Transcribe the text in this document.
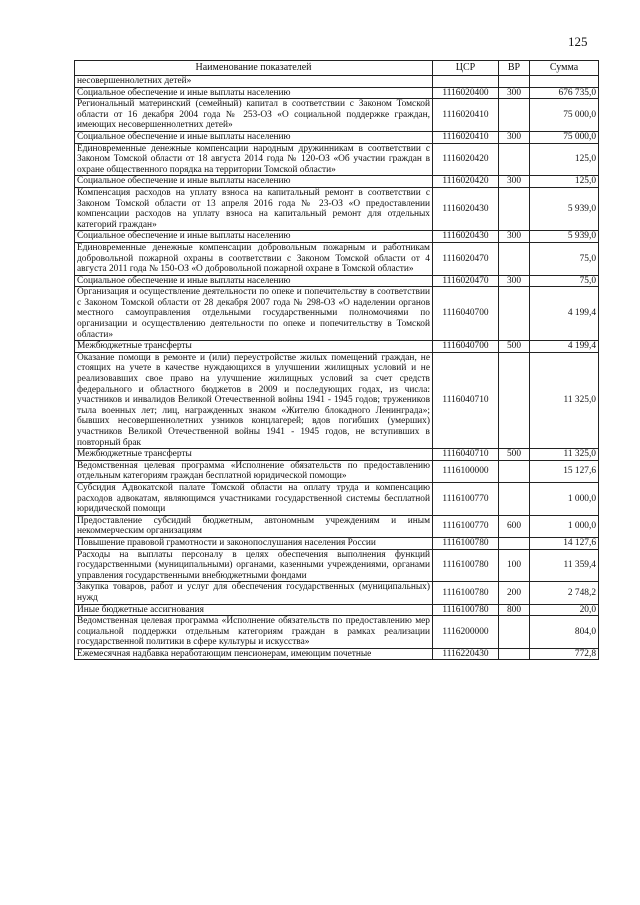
125
Наименование показателей	ЦСР	ВР	Сумма
несовершеннолетних детей»			
Социальное обеспечение и иные выплаты населению	1116020400	300	676 735,0
Региональный материнский (семейный) капитал в соответствии с Законом Томской области от 16 декабря 2004 года № 253-ОЗ «О социальной поддержке граждан, имеющих несовершеннолетних детей»	1116020410		75 000,0
Социальное обеспечение и иные выплаты населению	1116020410	300	75 000,0
Единовременные денежные компенсации народным дружинникам в соответствии с Законом Томской области от 18 августа 2014 года № 120-ОЗ «Об участии граждан в охране общественного порядка на территории Томской области»	1116020420		125,0
Социальное обеспечение и иные выплаты населению	1116020420	300	125,0
Компенсация расходов на уплату взноса на капитальный ремонт в соответствии с Законом Томской области от 13 апреля 2016 года № 23-ОЗ «О предоставлении компенсации расходов на уплату взноса на капитальный ремонт для отдельных категорий граждан»	1116020430		5 939,0
Социальное обеспечение и иные выплаты населению	1116020430	300	5 939,0
Единовременные денежные компенсации добровольным пожарным и работникам добровольной пожарной охраны в соответствии с Законом Томской области от 4 августа 2011 года № 150-ОЗ «О добровольной пожарной охране в Томской области»	1116020470		75,0
Социальное обеспечение и иные выплаты населению	1116020470	300	75,0
Организация и осуществление деятельности по опеке и попечительству в соответствии с Законом Томской области от 28 декабря 2007 года № 298-ОЗ «О наделении органов местного самоуправления отдельными государственными полномочиями по организации и осуществлению деятельности по опеке и попечительству в Томской области»	1116040700		4 199,4
Межбюджетные трансферты	1116040700	500	4 199,4
Оказание помощи в ремонте и (или) переустройстве жилых помещений граждан, не стоящих на учете в качестве нуждающихся в улучшении жилищных условий и не реализовавших свое право на улучшение жилищных условий за счет средств федерального и областного бюджетов в 2009 и последующих годах, из числа: участников и инвалидов Великой Отечественной войны 1941 - 1945 годов; тружеников тыла военных лет; лиц, награжденных знаком «Жителю блокадного Ленинграда»; бывших несовершеннолетних узников концлагерей; вдов погибших (умерших) участников Великой Отечественной войны 1941 - 1945 годов, не вступивших в повторный брак	1116040710		11 325,0
Межбюджетные трансферты	1116040710	500	11 325,0
Ведомственная целевая программа «Исполнение обязательств по предоставлению отдельным категориям граждан бесплатной юридической помощи»	1116100000		15 127,6
Субсидия Адвокатской палате Томской области на оплату труда и компенсацию расходов адвокатам, являющимся участниками государственной системы бесплатной юридической помощи	1116100770		1 000,0
Предоставление субсидий бюджетным, автономным учреждениям и иным некоммерческим организациям	1116100770	600	1 000,0
Повышение правовой грамотности и законопослушания населения России	1116100780		14 127,6
Расходы на выплаты персоналу в целях обеспечения выполнения функций государственными (муниципальными) органами, казенными учреждениями, органами управления государственными внебюджетными фондами	1116100780	100	11 359,4
Закупка товаров, работ и услуг для обеспечения государственных (муниципальных) нужд	1116100780	200	2 748,2
Иные бюджетные ассигнования	1116100780	800	20,0
Ведомственная целевая программа «Исполнение обязательств по предоставлению мер социальной поддержки отдельным категориям граждан в рамках реализации государственной политики в сфере культуры и искусства»	1116200000		804,0
Ежемесячная надбавка неработающим пенсионерам, имеющим почетные	1116220430		772,8
